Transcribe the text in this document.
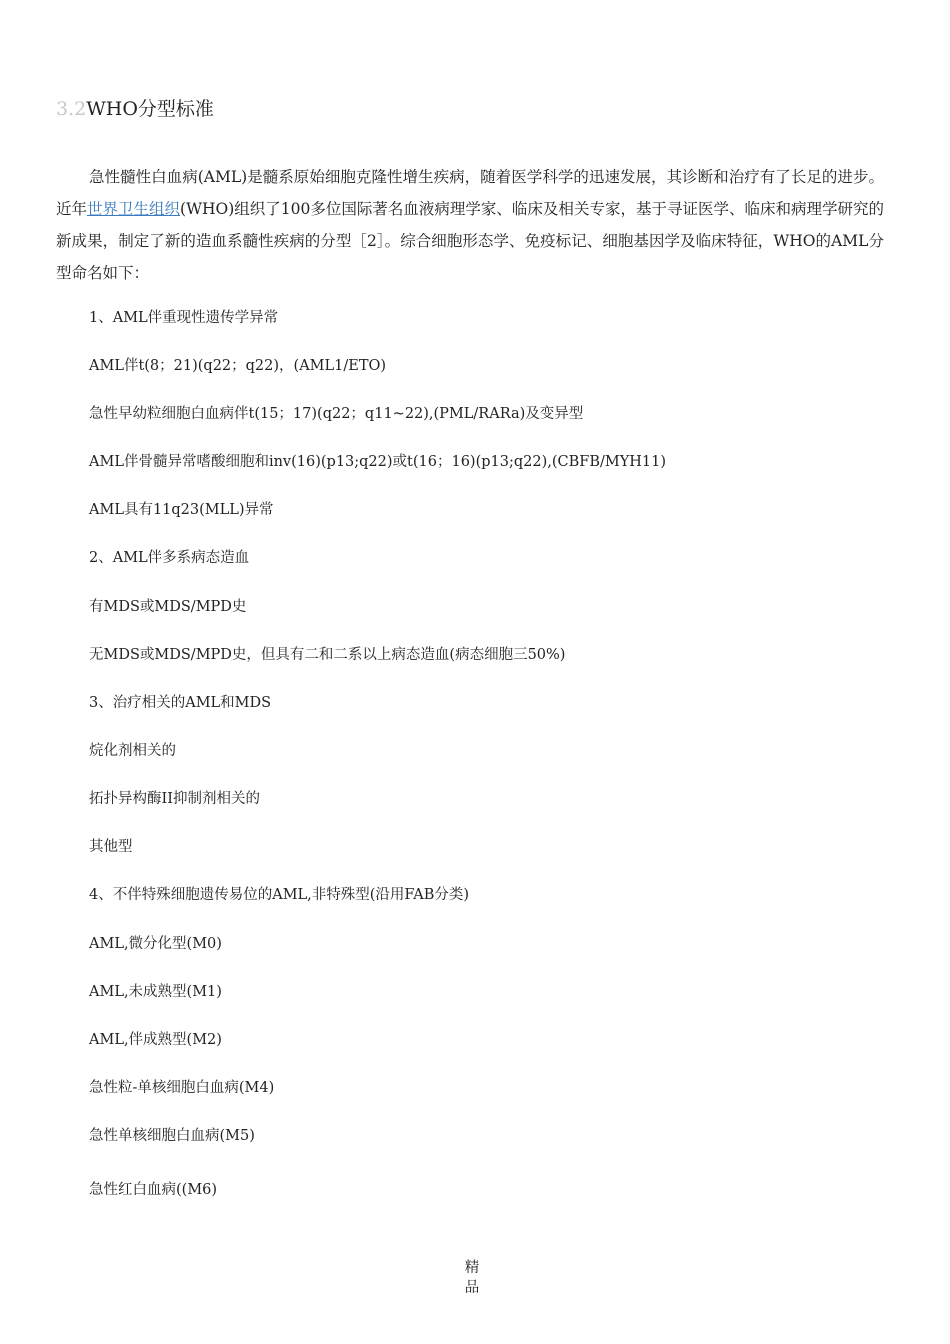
3.2WHO分型标准

急性髓性白血病(AML)是髓系原始细胞克隆性增生疾病，随着医学科学的迅速发展，其诊断和治疗有了长足的进步。近年世界卫生组织(WHO)组织了100多位国际著名血液病理学家、临床及相关专家，基于寻证医学、临床和病理学研究的新成果，制定了新的造血系髓性疾病的分型［2］。综合细胞形态学、免疫标记、细胞基因学及临床特征，WHO的AML分型命名如下：

1、AML伴重现性遗传学异常
AML伴t(8；21)(q22；q22)，(AML1/ETO)
急性早幼粒细胞白血病伴t(15；17)(q22；q11~22),(PML/RARa)及变异型
AML伴骨髓异常嗜酸细胞和inv(16)(p13;q22)或t(16；16)(p13;q22),(CBFB/MYH11)
AML具有11q23(MLL)异常
2、AML伴多系病态造血
有MDS或MDS/MPD史
无MDS或MDS/MPD史，但具有二和二系以上病态造血(病态细胞三50%)
3、治疗相关的AML和MDS
烷化剂相关的
拓扑异构酶II抑制剂相关的
其他型
4、不伴特殊细胞遗传易位的AML,非特殊型(沿用FAB分类)
AML,微分化型(M0)
AML,未成熟型(M1)
AML,伴成熟型(M2)
急性粒-单核细胞白血病(M4)
急性单核细胞白血病(M5)
急性红白血病((M6)
精
品
